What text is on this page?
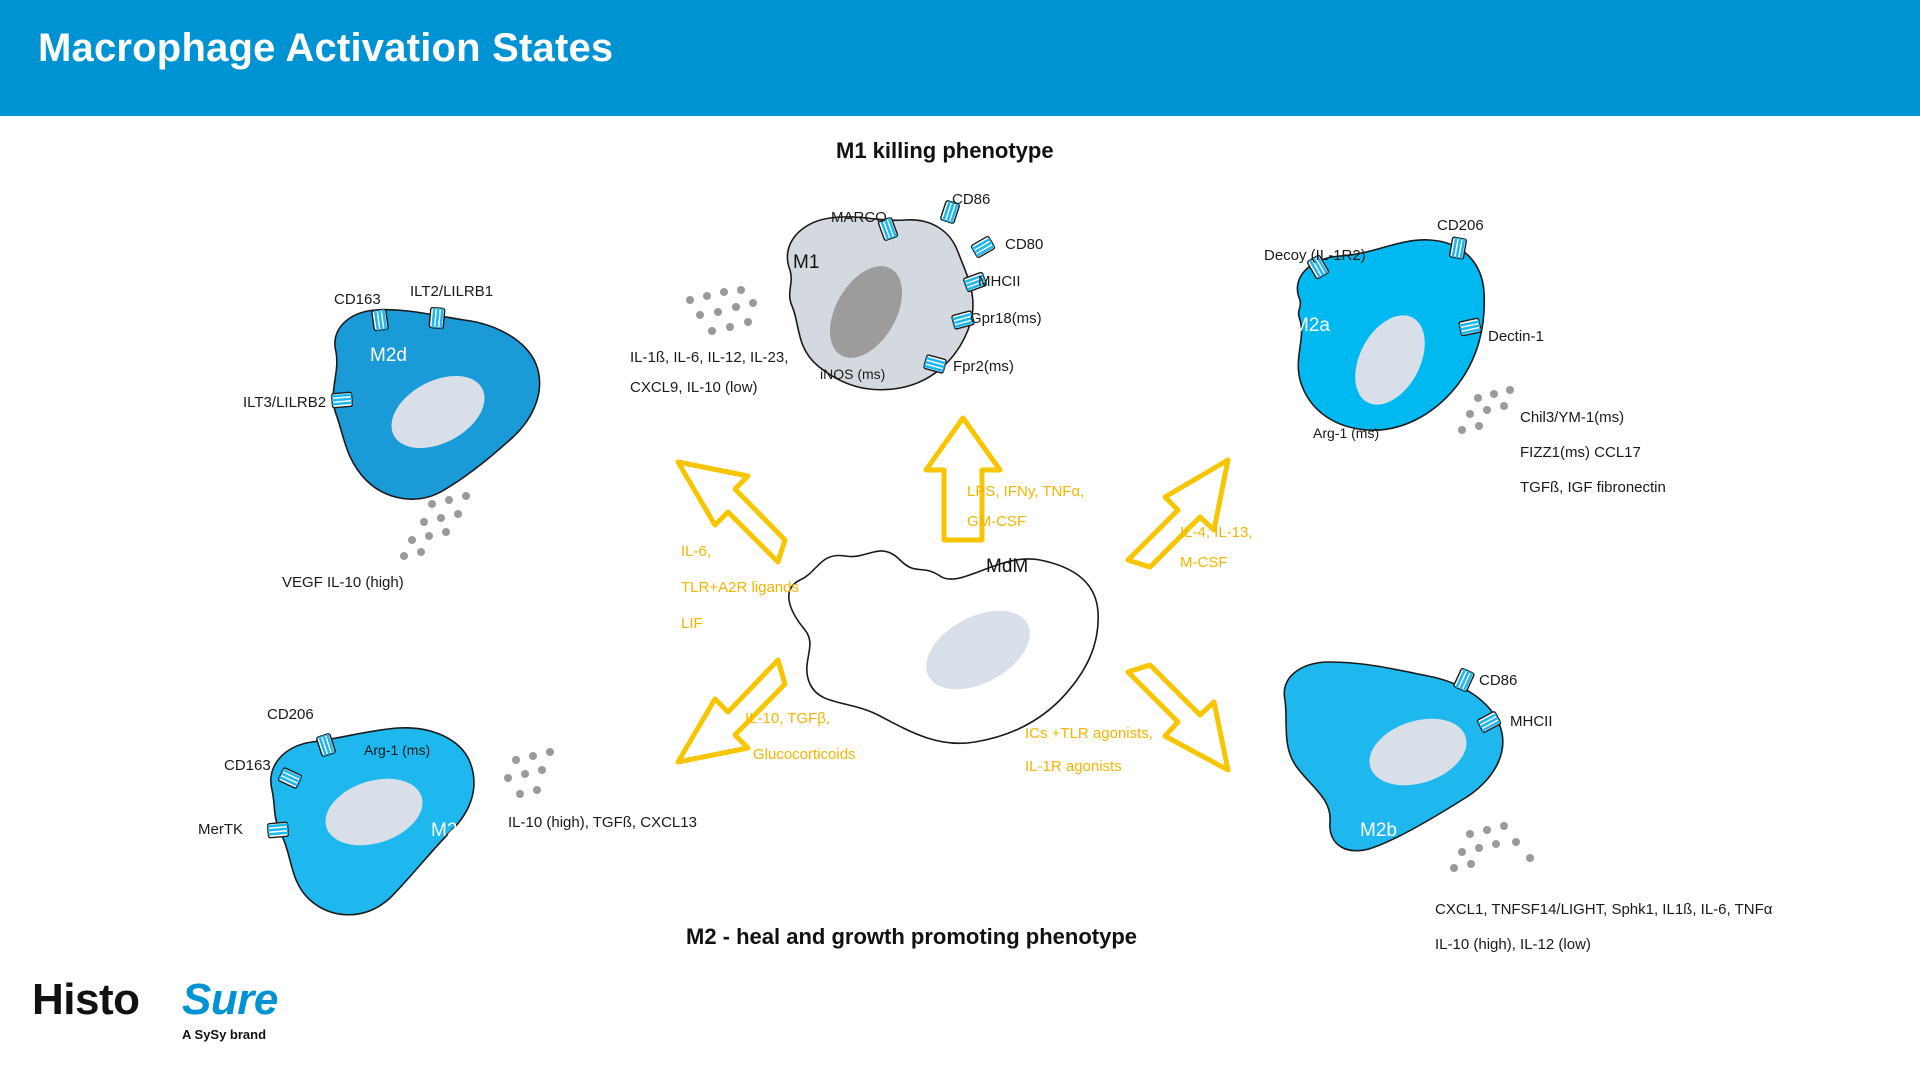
Macrophage Activation States
M1 killing phenotype
M2 - heal and growth promoting phenotype
MdM
M1
iNOS (ms)
MARCO
CD86
CD80
MHCII
Gpr18(ms)
Fpr2(ms)
IL-1ß, IL-6, IL-12, IL-23,
CXCL9, IL-10 (low)
M2a
Arg-1 (ms)
Decoy (IL-1R2)
CD206
Dectin-1
Chil3/YM-1(ms)
FIZZ1(ms) CCL17
TGFß, IGF fibronectin
M2b
CD86
MHCII
CXCL1, TNFSF14/LIGHT, Sphk1, IL1ß, IL-6, TNFα
IL-10 (high), IL-12 (low)
M2c
Arg-1 (ms)
CD206
CD163
MerTK	IL-10 (high), TGFß, CXCL13
M2d
CD163 ILT2/LILRB1
ILT3/LILRB2
VEGF IL-10 (high)
LPS, IFNy, TNFα,
GM-CSF
IL-4, IL-13,
M-CSF
ICs +TLR agonists,
IL-1R agonists
IL-10, TGFβ,
Glucocorticoids
IL-6,
TLR+A2R ligands
LIF
Histo Sure
A SySy brand
